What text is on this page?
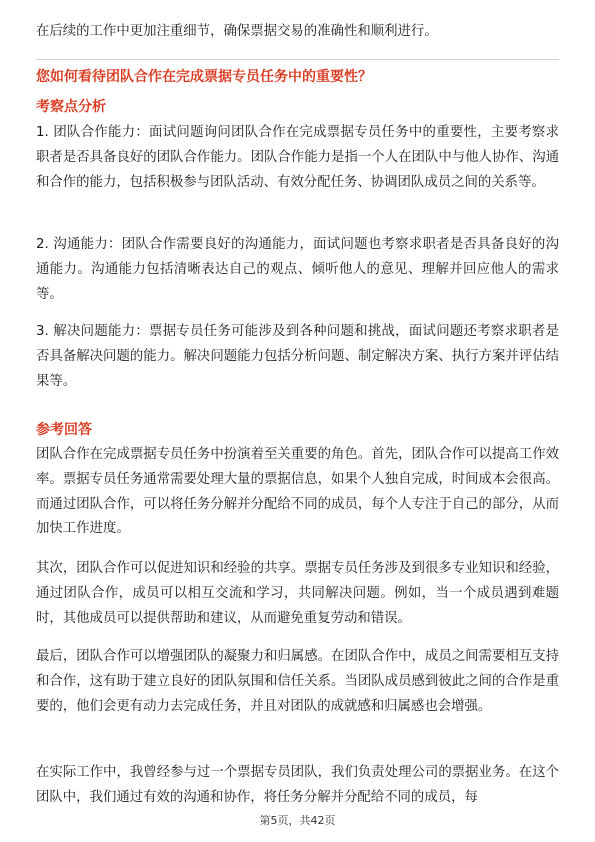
在后续的工作中更加注重细节，确保票据交易的准确性和顺利进行。
您如何看待团队合作在完成票据专员任务中的重要性？
考察点分析
1. 团队合作能力：面试问题询问团队合作在完成票据专员任务中的重要性，主要考察求职者是否具备良好的团队合作能力。团队合作能力是指一个人在团队中与他人协作、沟通和合作的能力，包括积极参与团队活动、有效分配任务、协调团队成员之间的关系等。
2. 沟通能力：团队合作需要良好的沟通能力，面试问题也考察求职者是否具备良好的沟通能力。沟通能力包括清晰表达自己的观点、倾听他人的意见、理解并回应他人的需求等。
3. 解决问题能力：票据专员任务可能涉及到各种问题和挑战，面试问题还考察求职者是否具备解决问题的能力。解决问题能力包括分析问题、制定解决方案、执行方案并评估结果等。
参考回答
团队合作在完成票据专员任务中扮演着至关重要的角色。首先，团队合作可以提高工作效率。票据专员任务通常需要处理大量的票据信息，如果个人独自完成，时间成本会很高。而通过团队合作，可以将任务分解并分配给不同的成员，每个人专注于自己的部分，从而加快工作进度。
其次，团队合作可以促进知识和经验的共享。票据专员任务涉及到很多专业知识和经验，通过团队合作，成员可以相互交流和学习，共同解决问题。例如，当一个成员遇到难题时，其他成员可以提供帮助和建议，从而避免重复劳动和错误。
最后，团队合作可以增强团队的凝聚力和归属感。在团队合作中，成员之间需要相互支持和合作，这有助于建立良好的团队氛围和信任关系。当团队成员感到彼此之间的合作是重要的，他们会更有动力去完成任务，并且对团队的成就感和归属感也会增强。
在实际工作中，我曾经参与过一个票据专员团队，我们负责处理公司的票据业务。在这个团队中，我们通过有效的沟通和协作，将任务分解并分配给不同的成员，每
第5页，共42页
